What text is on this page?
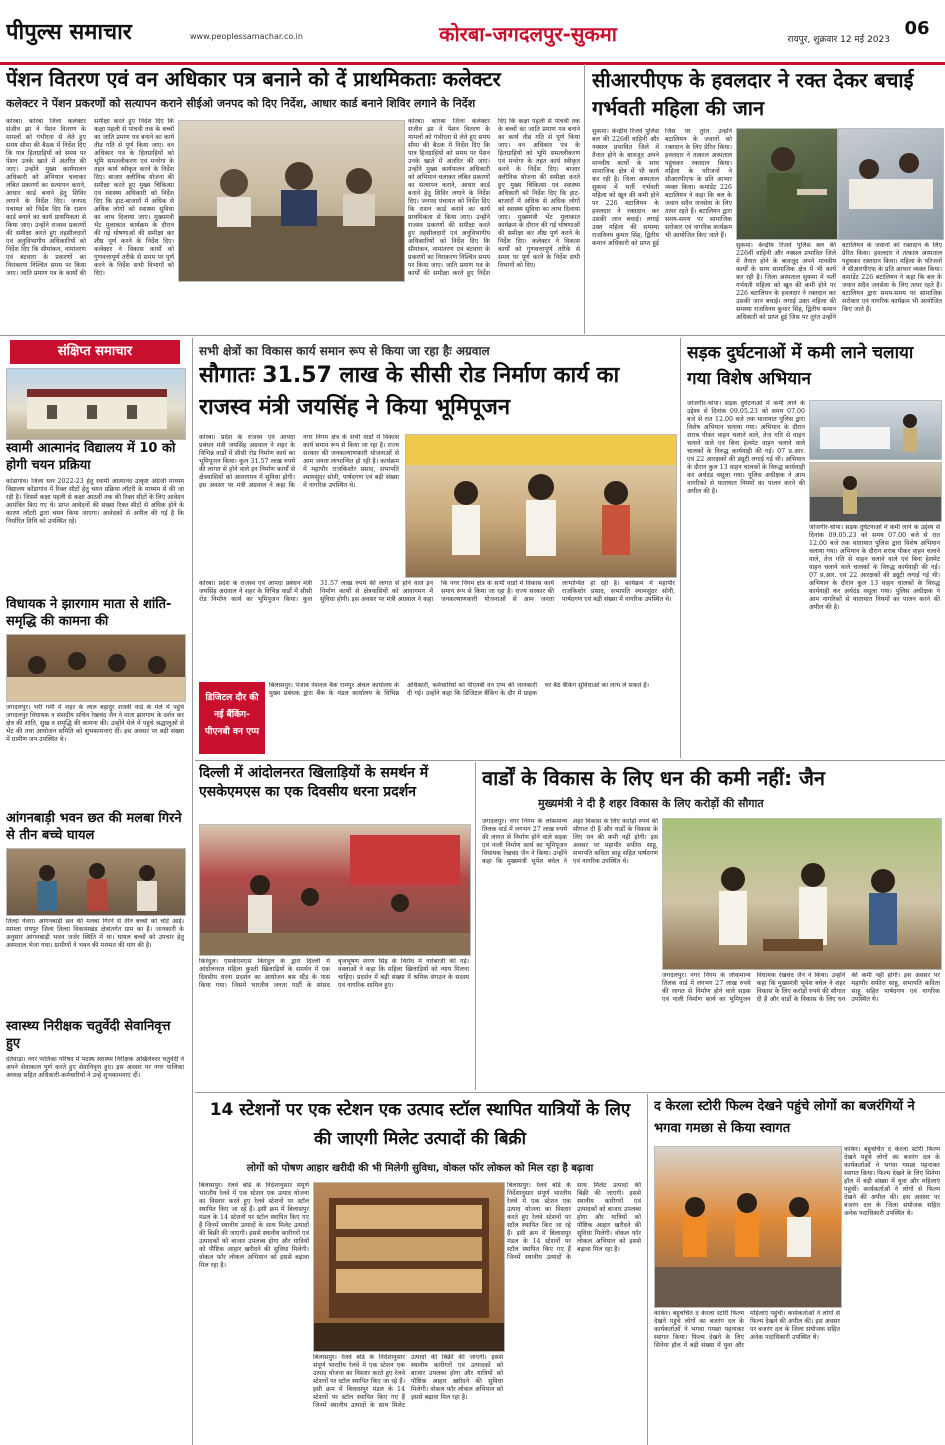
पीपुल्स समाचार	www.peoplessamachar.co.in	कोरबा-जगदलपुर-सुकमा	रायपुर, शुक्रवार 12 मई 2023
06
पेंशन वितरण एवं वन अधिकार पत्र बनाने को दें प्राथमिकताः कलेक्टर
कलेक्टर ने पेंशन प्रकरणों को सत्यापन कराने सीईओ जनपद को दिए निर्देश, आधार कार्ड बनाने शिविर लगाने के निर्देश
कोरबा। कोरबा जिला कलेक्टर संजीव झा ने पेंशन वितरण के मामलों को गंभीरता से लेते हुए समय सीमा की बैठक में निर्देश दिए कि पात्र हितग्राहियों को समय पर पेंशन उनके खाते में अंतरित की जाए। उन्होंने मुख्य कार्यपालन अधिकारी को अभियान चलाकर लंबित प्रकरणों का सत्यापन कराने, आधार कार्ड बनाने हेतु शिविर लगाने के निर्देश दिए। जनपद पंचायत को निर्देश दिए कि राशन कार्ड बनाने का कार्य प्राथमिकता से किया जाए। उन्होंने राजस्व प्रकरणों की समीक्षा करते हुए तहसीलदारों एवं अनुविभागीय अधिकारियों को निर्देश दिए कि सीमांकन, नामांतरण एवं बंटवारा के प्रकरणों का निराकरण निश्चित समय पर किया जाए। जाति प्रमाण पत्र के कार्यों की समीक्षा करते हुए निर्देश दिए कि कक्षा पहली से पांचवी तक के बच्चों का जाति प्रमाण पत्र बनाने का कार्य तीव्र गति से पूर्ण किया जाए। वन अधिकार पत्र के हितग्राहियों को भूमि समतलीकरण एवं मनरेगा के तहत कार्य स्वीकृत करने के निर्देश दिए। बाजार क्लीनिक योजना की समीक्षा करते हुए मुख्य चिकित्सा एवं स्वास्थ्य अधिकारी को निर्देश दिए कि हाट-बाजारों में अधिक से अधिक लोगों को स्वास्थ्य सुविधा का लाभ दिलाया जाए। मुख्यमंत्री भेंट मुलाकात कार्यक्रम के दौरान की गई घोषणाओं की समीक्षा कर शीघ्र पूर्ण करने के निर्देश दिए। कलेक्टर ने विकास कार्यों को गुणवत्तापूर्ण तरीके से समय पर पूर्ण करने के निर्देश सभी विभागों को दिए।
कोरबा। कोरबा जिला कलेक्टर संजीव झा ने पेंशन वितरण के मामलों को गंभीरता से लेते हुए समय सीमा की बैठक में निर्देश दिए कि पात्र हितग्राहियों को समय पर पेंशन उनके खाते में अंतरित की जाए। उन्होंने मुख्य कार्यपालन अधिकारी को अभियान चलाकर लंबित प्रकरणों का सत्यापन कराने, आधार कार्ड बनाने हेतु शिविर लगाने के निर्देश दिए। जनपद पंचायत को निर्देश दिए कि राशन कार्ड बनाने का कार्य प्राथमिकता से किया जाए। उन्होंने राजस्व प्रकरणों की समीक्षा करते हुए तहसीलदारों एवं अनुविभागीय अधिकारियों को निर्देश दिए कि सीमांकन, नामांतरण एवं बंटवारा के प्रकरणों का निराकरण निश्चित समय पर किया जाए। जाति प्रमाण पत्र के कार्यों की समीक्षा करते हुए निर्देश दिए कि कक्षा पहली से पांचवी तक के बच्चों का जाति प्रमाण पत्र बनाने का कार्य तीव्र गति से पूर्ण किया जाए। वन अधिकार पत्र के हितग्राहियों को भूमि समतलीकरण एवं मनरेगा के तहत कार्य स्वीकृत करने के निर्देश दिए। बाजार क्लीनिक योजना की समीक्षा करते हुए मुख्य चिकित्सा एवं स्वास्थ्य अधिकारी को निर्देश दिए कि हाट-बाजारों में अधिक से अधिक लोगों को स्वास्थ्य सुविधा का लाभ दिलाया जाए। मुख्यमंत्री भेंट मुलाकात कार्यक्रम के दौरान की गई घोषणाओं की समीक्षा कर शीघ्र पूर्ण करने के निर्देश दिए। कलेक्टर ने विकास कार्यों को गुणवत्तापूर्ण तरीके से समय पर पूर्ण करने के निर्देश सभी विभागों को दिए।
सीआरपीएफ के हवलदार ने रक्त देकर बचाई गर्भवती महिला की जान
सुकमा। केन्द्रीय रिजर्व पुलिस बल की 226वीं वाहिनी और नक्सल प्रभावित जिले में तैनात होने के बावजूद अपने मानवीय कार्यों के साथ सामाजिक क्षेत्र में भी कार्य कर रही है। जिला अस्पताल सुकमा में भर्ती गर्भवती महिला को खून की कमी होने पर 226 बटालियन के हवलदार ने रक्तदान कर उसकी जान बचाई। लगाई उक्त महिला की समस्या राजविनय कुमार सिंह, द्वितीय कमान अधिकारी को प्राप्त हुई जिस पर तुरंत उन्होंने बटालियन के जवानों को रक्तदान के लिए प्रेरित किया। हवलदार ने तत्काल अस्पताल पहुंचकर रक्तदान किया। महिला के परिजनों ने सीआरपीएफ के प्रति आभार व्यक्त किया। कमांडेंट 226 बटालियन ने कहा कि बल के जवान सदैव जनसेवा के लिए तत्पर रहते हैं। बटालियन द्वारा समय-समय पर सामाजिक सरोकार एवं नागरिक कार्यक्रम भी आयोजित किए जाते हैं।
सुकमा। केन्द्रीय रिजर्व पुलिस बल की 226वीं वाहिनी और नक्सल प्रभावित जिले में तैनात होने के बावजूद अपने मानवीय कार्यों के साथ सामाजिक क्षेत्र में भी कार्य कर रही है। जिला अस्पताल सुकमा में भर्ती गर्भवती महिला को खून की कमी होने पर 226 बटालियन के हवलदार ने रक्तदान कर उसकी जान बचाई। लगाई उक्त महिला की समस्या राजविनय कुमार सिंह, द्वितीय कमान अधिकारी को प्राप्त हुई जिस पर तुरंत उन्होंने बटालियन के जवानों को रक्तदान के लिए प्रेरित किया। हवलदार ने तत्काल अस्पताल पहुंचकर रक्तदान किया। महिला के परिजनों ने सीआरपीएफ के प्रति आभार व्यक्त किया। कमांडेंट 226 बटालियन ने कहा कि बल के जवान सदैव जनसेवा के लिए तत्पर रहते हैं। बटालियन द्वारा समय-समय पर सामाजिक सरोकार एवं नागरिक कार्यक्रम भी आयोजित किए जाते हैं।
संक्षिप्त समाचार
स्वामी आत्मानंद विद्यालय में 10 को होगी चयन प्रक्रिया
कोंडागांव। जिला स्तर 2022-23 हेतु स्वामी आत्मानंद उत्कृष्ट अंग्रेजी माध्यम विद्यालय कोंडागांव में रिक्त सीटों हेतु चयन प्रक्रिया लॉटरी के माध्यम से की जा रही है। जिसमें कक्षा पहली से कक्षा आठवीं तक की रिक्त सीटों के लिए आवेदन आमंत्रित किए गए थे। प्राप्त आवेदनों की संख्या रिक्त सीटों से अधिक होने के कारण लॉटरी द्वारा चयन किया जाएगा। आवेदकों से अपील की गई है कि निर्धारित तिथि को उपस्थित रहें।
विधायक ने झारगाम माता से शांति-समृद्धि की कामना की
जगदलपुर। भरी गर्मी में शहर के लाल बहादुर शास्त्री वार्ड के मेले में पहुंचे जगदलपुर विधायक व संसदीय सचिव रेखचंद जैन ने माता झारगाम के दर्शन कर क्षेत्र की शांति, सुख व समृद्धि की कामना की। उन्होंने मेले में पहुंचे श्रद्धालुओं से भेंट की तथा आयोजन समिति को शुभकामनाएं दीं। इस अवसर पर बड़ी संख्या में ग्रामीण जन उपस्थित थे।
आंगनबाड़ी भवन छत की मलबा गिरने से तीन बच्चे घायल
तिल्दा नेवरा। आंगनबाड़ी छत की मलबा गिरने से तीन बच्चों को चोटें आईं। मामला रायपुर जिला तिल्दा विकासखंड क्षेत्रांतर्गत ग्राम का है। जानकारी के अनुसार आंगनबाड़ी भवन जर्जर स्थिति में था। घायल बच्चों को उपचार हेतु अस्पताल भेजा गया। ग्रामीणों ने भवन की मरम्मत की मांग की है।
स्वास्थ्य निरीक्षक चतुर्वेदी सेवानिवृत्त हुए
दंतेवाड़ा। नगर पालिका परिषद में पदस्थ स्वास्थ्य निरीक्षक अखिलेश्वर चतुर्वेदी ने अपने सेवाकाल पूर्ण करते हुए सेवानिवृत्त हुए। इस अवसर पर नगर पालिका अध्यक्ष सहित अधिकारी-कर्मचारियों ने उन्हें शुभकामनाएं दीं।
सभी क्षेत्रों का विकास कार्य समान रूप से किया जा रहा हैः अग्रवाल
सौगातः 31.57 लाख के सीसी रोड निर्माण कार्य का राजस्व मंत्री जयसिंह ने किया भूमिपूजन
कोरबा। प्रदेश के राजस्व एवं आपदा प्रबंधन मंत्री जयसिंह अग्रवाल ने शहर के विभिन्न वार्डों में सीसी रोड निर्माण कार्य का भूमिपूजन किया। कुल 31.57 लाख रुपये की लागत से होने वाले इन निर्माण कार्यों से क्षेत्रवासियों को आवागमन में सुविधा होगी। इस अवसर पर मंत्री अग्रवाल ने कहा कि नगर निगम क्षेत्र के सभी वार्डों में विकास कार्य समान रूप से किया जा रहा है। राज्य सरकार की जनकल्याणकारी योजनाओं से आम जनता लाभान्वित हो रही है। कार्यक्रम में महापौर राजकिशोर प्रसाद, सभापति श्यामसुंदर सोनी, पार्षदगण एवं बड़ी संख्या में नागरिक उपस्थित थे।
कोरबा। प्रदेश के राजस्व एवं आपदा प्रबंधन मंत्री जयसिंह अग्रवाल ने शहर के विभिन्न वार्डों में सीसी रोड निर्माण कार्य का भूमिपूजन किया। कुल 31.57 लाख रुपये की लागत से होने वाले इन निर्माण कार्यों से क्षेत्रवासियों को आवागमन में सुविधा होगी। इस अवसर पर मंत्री अग्रवाल ने कहा कि नगर निगम क्षेत्र के सभी वार्डों में विकास कार्य समान रूप से किया जा रहा है। राज्य सरकार की जनकल्याणकारी योजनाओं से आम जनता लाभान्वित हो रही है। कार्यक्रम में महापौर राजकिशोर प्रसाद, सभापति श्यामसुंदर सोनी, पार्षदगण एवं बड़ी संख्या में नागरिक उपस्थित थे।
डिजिटल दौर की
नई बैंकिंग-
पीएनबी वन एप्प
बिलासपुर। पंजाब नेशनल बैंक रामपुर अंचल कार्यालय के मुख्य प्रबंधक द्वारा बैंक के मंडल कार्यालय के विभिन्न अधिकारी, कर्मचारियों को पीएनबी वन एप्प की जानकारी दी गई। उन्होंने कहा कि डिजिटल बैंकिंग के दौर में ग्राहक घर बैठे बैंकिंग सुविधाओं का लाभ ले सकते हैं।
सड़क दुर्घटनाओं में कमी लाने चलाया गया विशेष अभियान
जांजगीर-चांपा। सड़क दुर्घटनाओं में कमी लाने के उद्देश्य से दिनांक 09.05.23 को समय 07.00 बजे से रात 12.00 बजे तक यातायात पुलिस द्वारा विशेष अभियान चलाया गया। अभियान के दौरान शराब पीकर वाहन चलाने वाले, तेज गति से वाहन चलाने वाले एवं बिना हेलमेट वाहन चलाने वाले चालकों के विरुद्ध कार्यवाही की गई। 07 प्र.आर. एवं 22 आरक्षकों की ड्यूटी लगाई गई थी। अभियान के दौरान कुल 13 वाहन चालकों के विरुद्ध कार्यवाही कर अर्थदंड वसूला गया। पुलिस अधीक्षक ने आम नागरिकों से यातायात नियमों का पालन करने की अपील की है।
जांजगीर-चांपा। सड़क दुर्घटनाओं में कमी लाने के उद्देश्य से दिनांक 09.05.23 को समय 07.00 बजे से रात 12.00 बजे तक यातायात पुलिस द्वारा विशेष अभियान चलाया गया। अभियान के दौरान शराब पीकर वाहन चलाने वाले, तेज गति से वाहन चलाने वाले एवं बिना हेलमेट वाहन चलाने वाले चालकों के विरुद्ध कार्यवाही की गई। 07 प्र.आर. एवं 22 आरक्षकों की ड्यूटी लगाई गई थी। अभियान के दौरान कुल 13 वाहन चालकों के विरुद्ध कार्यवाही कर अर्थदंड वसूला गया। पुलिस अधीक्षक ने आम नागरिकों से यातायात नियमों का पालन करने की अपील की है।
दिल्ली में आंदोलनरत खिलाड़ियों के समर्थन में एसकेएमएस का एक दिवसीय धरना प्रदर्शन
किरंदुल। एसकेएमएस किरंदुल के द्वारा दिल्ली में आंदोलनरत महिला कुश्ती खिलाड़ियों के समर्थन में एक दिवसीय धरना प्रदर्शन का आयोजन बस स्टैंड के पास किया गया। जिसमें भारतीय जनता पार्टी के सांसद बृजभूषण शरण सिंह के विरोध में नारेबाजी की गई। वक्ताओं ने कहा कि महिला खिलाड़ियों को न्याय मिलना चाहिए। प्रदर्शन में बड़ी संख्या में श्रमिक संगठन के सदस्य एवं नागरिक शामिल हुए।
वार्डों के विकास के लिए धन की कमी नहीं: जैन
मुख्यमंत्री ने दी है शहर विकास के लिए करोड़ों की सौगात
जगदलपुर। नगर निगम के लोकमान्य तिलक वार्ड में लगभग 27 लाख रुपये की लागत से निर्माण होने वाले सड़क एवं नाली निर्माण कार्य का भूमिपूजन विधायक रेखचंद जैन ने किया। उन्होंने कहा कि मुख्यमंत्री भूपेश बघेल ने शहर विकास के लिए करोड़ों रुपये की सौगात दी है और वार्डों के विकास के लिए धन की कमी नहीं होगी। इस अवसर पर महापौर सफीरा साहू, सभापति कविता साहू सहित पार्षदगण एवं नागरिक उपस्थित थे।
जगदलपुर। नगर निगम के लोकमान्य तिलक वार्ड में लगभग 27 लाख रुपये की लागत से निर्माण होने वाले सड़क एवं नाली निर्माण कार्य का भूमिपूजन विधायक रेखचंद जैन ने किया। उन्होंने कहा कि मुख्यमंत्री भूपेश बघेल ने शहर विकास के लिए करोड़ों रुपये की सौगात दी है और वार्डों के विकास के लिए धन की कमी नहीं होगी। इस अवसर पर महापौर सफीरा साहू, सभापति कविता साहू सहित पार्षदगण एवं नागरिक उपस्थित थे।
14 स्टेशनों पर एक स्टेशन एक उत्पाद स्टॉल स्थापित यात्रियों के लिए की जाएगी मिलेट उत्पादों की बिक्री
लोगों को पोषण आहार खरीदी की भी मिलेगी सुविधा, वोकल फॉर लोकल को मिल रहा है बढ़ावा
बिलासपुर। रेलवे बोर्ड के निर्देशानुसार संपूर्ण भारतीय रेलवे में एक स्टेशन एक उत्पाद योजना का विस्तार करते हुए रेलवे स्टेशनों पर स्टॉल स्थापित किए जा रहे हैं। इसी क्रम में बिलासपुर मंडल के 14 स्टेशनों पर स्टॉल स्थापित किए गए हैं जिनमें स्थानीय उत्पादों के साथ मिलेट उत्पादों की बिक्री की जाएगी। इससे स्थानीय कारीगरों एवं उत्पादकों को बाजार उपलब्ध होगा और यात्रियों को पौष्टिक आहार खरीदने की सुविधा मिलेगी। वोकल फॉर लोकल अभियान को इससे बढ़ावा मिल रहा है।
बिलासपुर। रेलवे बोर्ड के निर्देशानुसार संपूर्ण भारतीय रेलवे में एक स्टेशन एक उत्पाद योजना का विस्तार करते हुए रेलवे स्टेशनों पर स्टॉल स्थापित किए जा रहे हैं। इसी क्रम में बिलासपुर मंडल के 14 स्टेशनों पर स्टॉल स्थापित किए गए हैं जिनमें स्थानीय उत्पादों के साथ मिलेट उत्पादों की बिक्री की जाएगी। इससे स्थानीय कारीगरों एवं उत्पादकों को बाजार उपलब्ध होगा और यात्रियों को पौष्टिक आहार खरीदने की सुविधा मिलेगी। वोकल फॉर लोकल अभियान को इससे बढ़ावा मिल रहा है।
बिलासपुर। रेलवे बोर्ड के निर्देशानुसार संपूर्ण भारतीय रेलवे में एक स्टेशन एक उत्पाद योजना का विस्तार करते हुए रेलवे स्टेशनों पर स्टॉल स्थापित किए जा रहे हैं। इसी क्रम में बिलासपुर मंडल के 14 स्टेशनों पर स्टॉल स्थापित किए गए हैं जिनमें स्थानीय उत्पादों के साथ मिलेट उत्पादों की बिक्री की जाएगी। इससे स्थानीय कारीगरों एवं उत्पादकों को बाजार उपलब्ध होगा और यात्रियों को पौष्टिक आहार खरीदने की सुविधा मिलेगी। वोकल फॉर लोकल अभियान को इससे बढ़ावा मिल रहा है।
द केरला स्टोरी फिल्म देखने पहुंचे लोगों का बजरंगियों ने भगवा गमछा से किया स्वागत
कांकेर। बहुचर्चित द केरला स्टोरी फिल्म देखने पहुंचे लोगों का बजरंग दल के कार्यकर्ताओं ने भगवा गमछा पहनाकर स्वागत किया। फिल्म देखने के लिए सिनेमा हॉल में बड़ी संख्या में युवा और महिलाएं पहुंचीं। कार्यकर्ताओं ने लोगों से फिल्म देखने की अपील की। इस अवसर पर बजरंग दल के जिला संयोजक सहित अनेक पदाधिकारी उपस्थित थे।
कांकेर। बहुचर्चित द केरला स्टोरी फिल्म देखने पहुंचे लोगों का बजरंग दल के कार्यकर्ताओं ने भगवा गमछा पहनाकर स्वागत किया। फिल्म देखने के लिए सिनेमा हॉल में बड़ी संख्या में युवा और महिलाएं पहुंचीं। कार्यकर्ताओं ने लोगों से फिल्म देखने की अपील की। इस अवसर पर बजरंग दल के जिला संयोजक सहित अनेक पदाधिकारी उपस्थित थे।
